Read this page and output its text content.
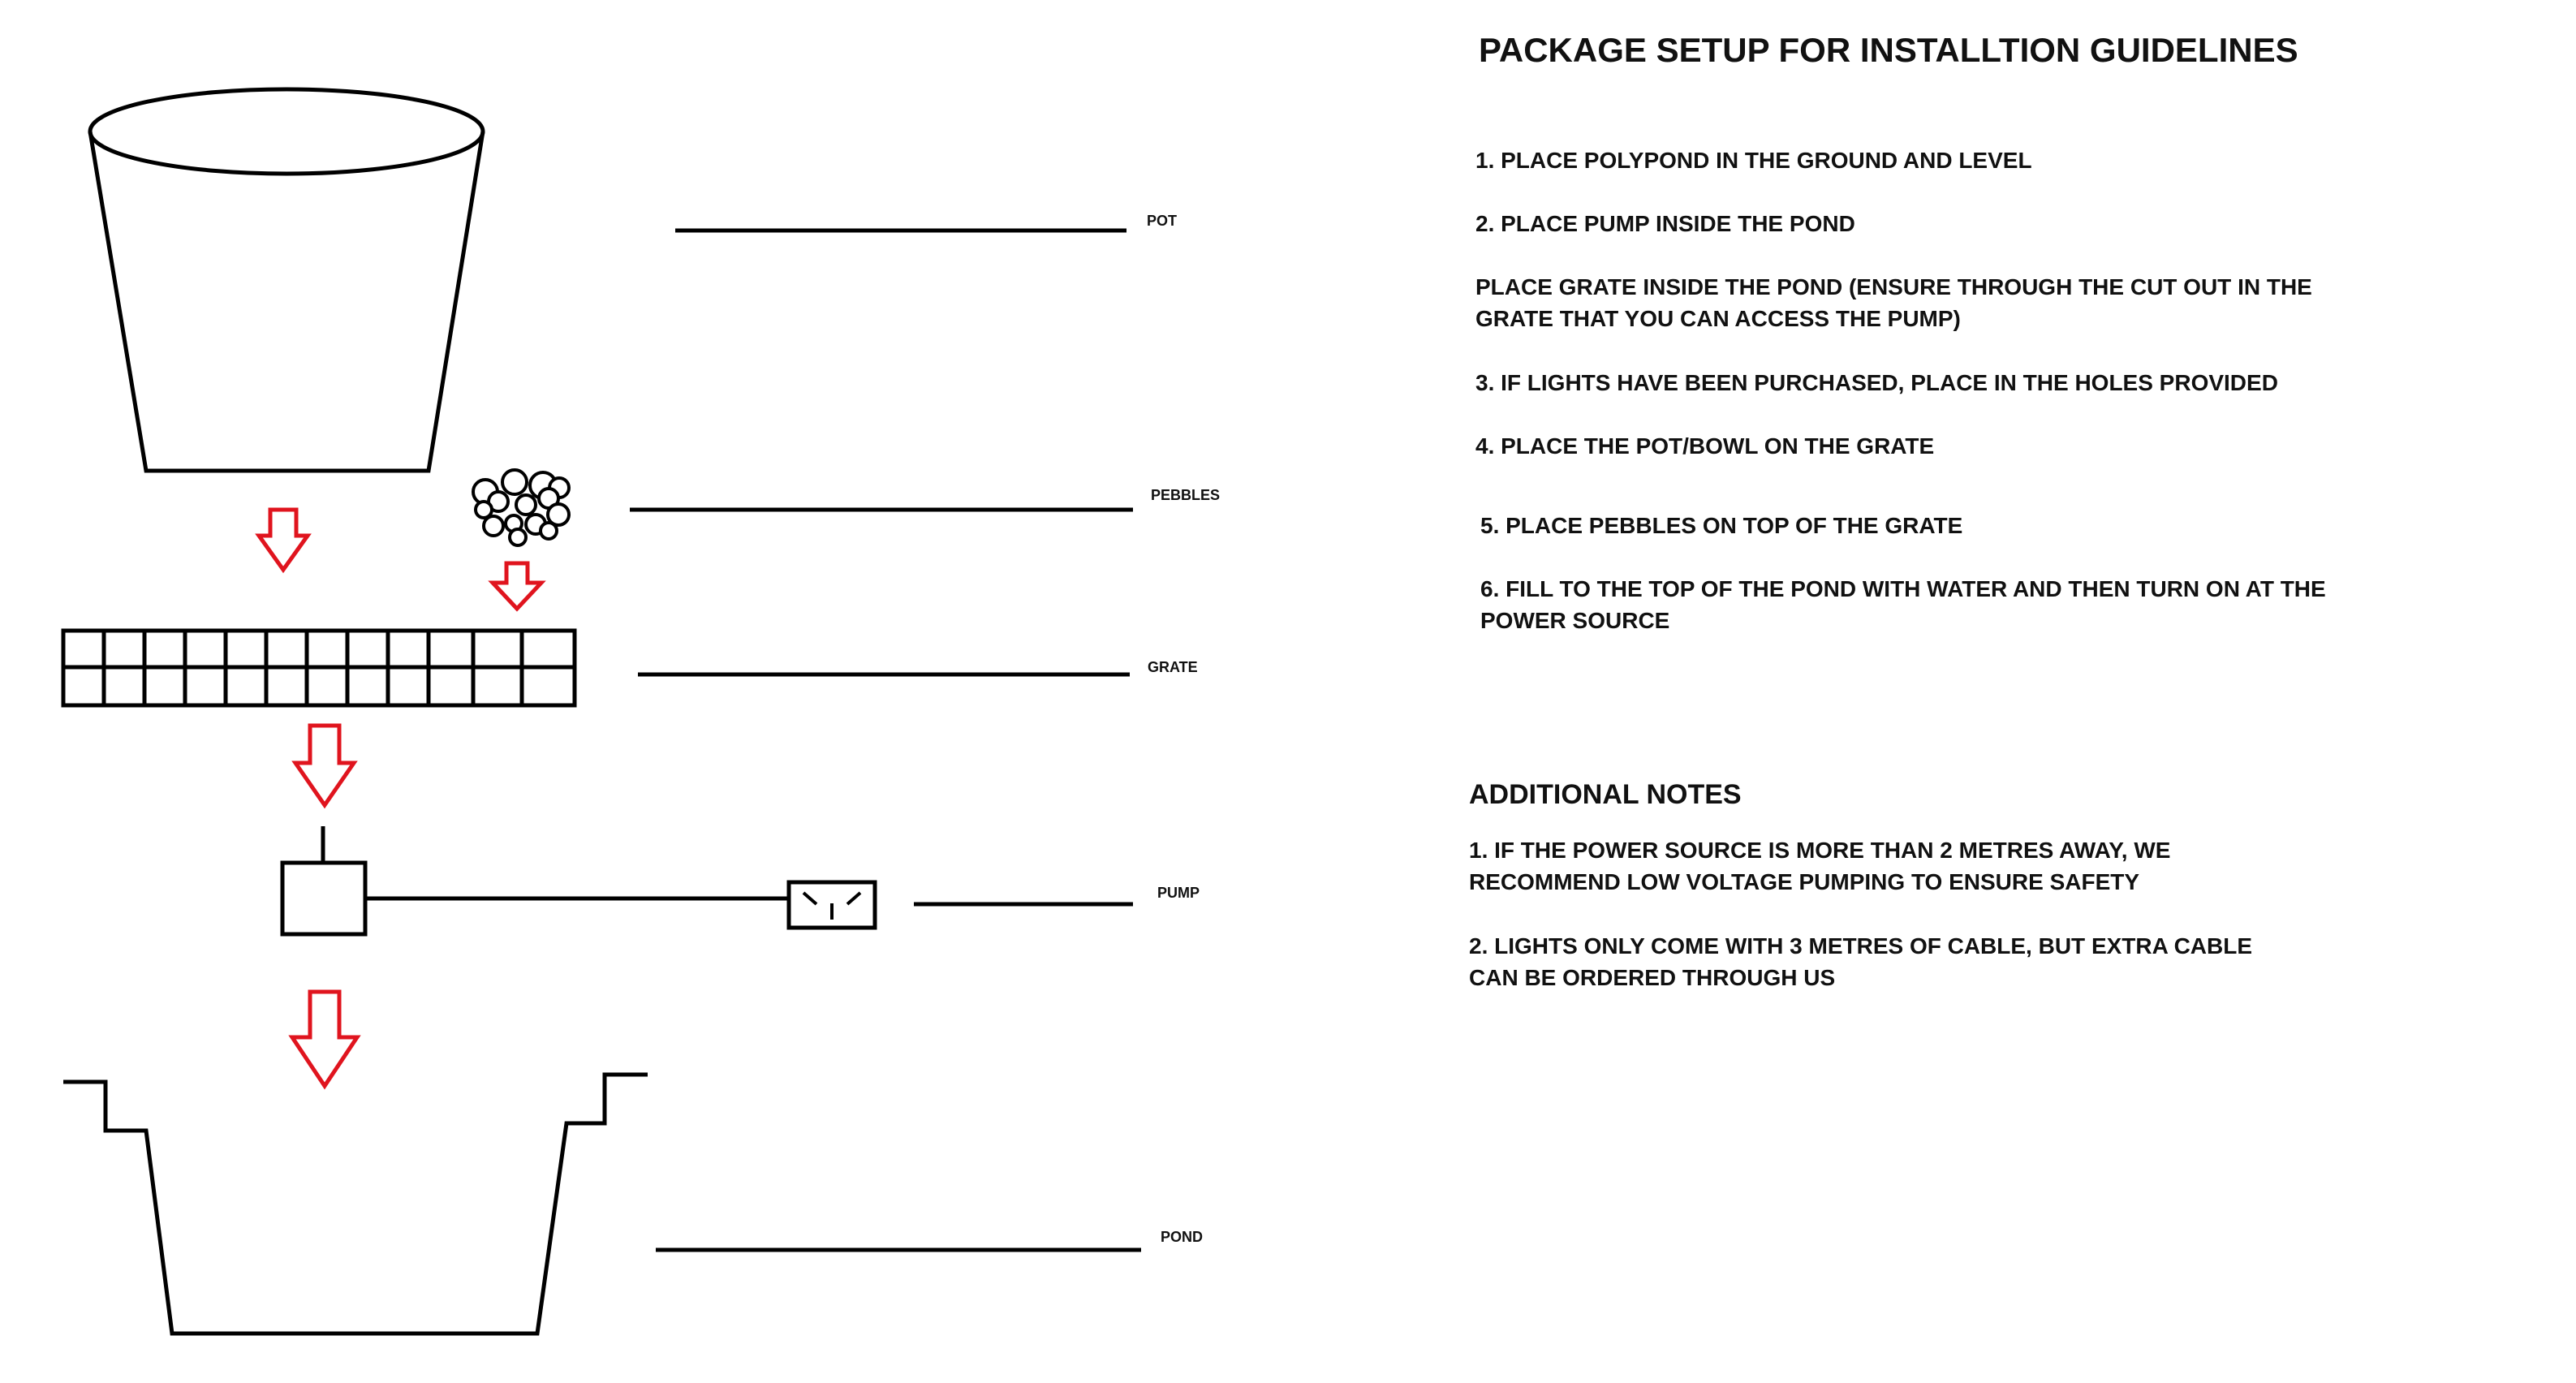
POT
PEBBLES
GRATE
PUMP
POND
PACKAGE SETUP FOR INSTALLTION GUIDELINES
1. PLACE POLYPOND IN THE GROUND AND LEVEL
2. PLACE PUMP INSIDE THE POND
PLACE GRATE INSIDE THE POND (ENSURE THROUGH THE CUT OUT IN THE GRATE THAT YOU CAN ACCESS THE PUMP)
3. IF LIGHTS HAVE BEEN PURCHASED, PLACE IN THE HOLES PROVIDED
4. PLACE THE POT/BOWL ON THE GRATE
5. PLACE PEBBLES ON TOP OF THE GRATE
6. FILL TO THE TOP OF THE POND WITH WATER AND THEN TURN ON AT THE POWER SOURCE
ADDITIONAL NOTES
1. IF THE POWER SOURCE IS MORE THAN 2 METRES AWAY, WE RECOMMEND LOW VOLTAGE PUMPING TO ENSURE SAFETY
2. LIGHTS ONLY COME WITH 3 METRES OF CABLE, BUT EXTRA CABLE CAN BE ORDERED THROUGH US
